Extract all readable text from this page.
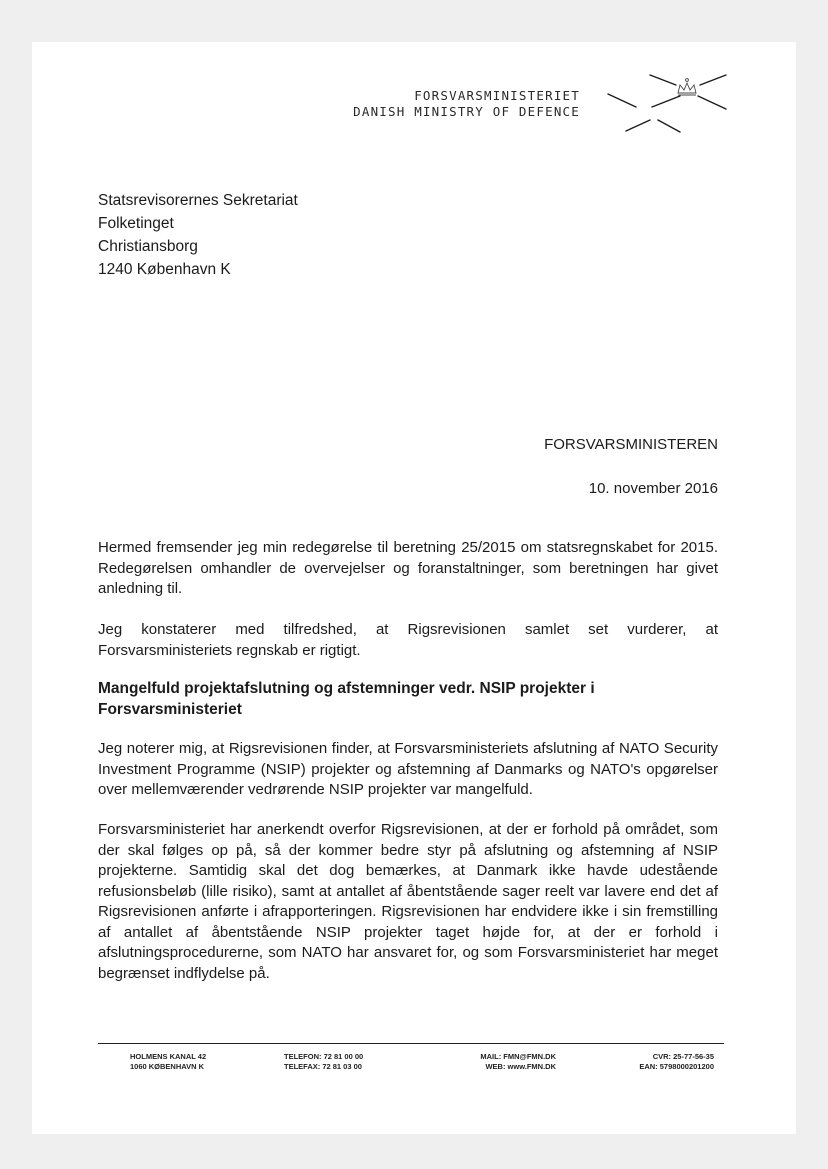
FORSVARSMINISTERIET
DANISH MINISTRY OF DEFENCE
Statsrevisorernes Sekretariat
Folketinget
Christiansborg
1240 København K
FORSVARSMINISTEREN
10. november 2016
Hermed fremsender jeg min redegørelse til beretning 25/2015 om statsregnskabet for 2015. Redegørelsen omhandler de overvejelser og foranstaltninger, som beretningen har givet anledning til.
Jeg konstaterer med tilfredshed, at Rigsrevisionen samlet set vurderer, at Forsvarsministeriets regnskab er rigtigt.
Mangelfuld projektafslutning og afstemninger vedr. NSIP projekter i Forsvarsministeriet
Jeg noterer mig, at Rigsrevisionen finder, at Forsvarsministeriets afslutning af NATO Security Investment Programme (NSIP) projekter og afstemning af Danmarks og NATO's opgørelser over mellemværender vedrørende NSIP projekter var mangelfuld.
Forsvarsministeriet har anerkendt overfor Rigsrevisionen, at der er forhold på området, som der skal følges op på, så der kommer bedre styr på afslutning og afstemning af NSIP projekterne. Samtidig skal det dog bemærkes, at Danmark ikke havde udestående refusionsbeløb (lille risiko), samt at antallet af åbentstående sager reelt var lavere end det af Rigsrevisionen anførte i afrapporteringen. Rigsrevisionen har endvidere ikke i sin fremstilling af antallet af åbentstående NSIP projekter taget højde for, at der er forhold i afslutningsprocedurerne, som NATO har ansvaret for, og som Forsvarsministeriet har meget begrænset indflydelse på.
HOLMENS KANAL 42
1060 KØBENHAVN K
TELEFON: 72 81 00 00
TELEFAX: 72 81 03 00
MAIL: FMN@FMN.DK
WEB: www.FMN.DK
CVR: 25-77-56-35
EAN: 5798000201200
